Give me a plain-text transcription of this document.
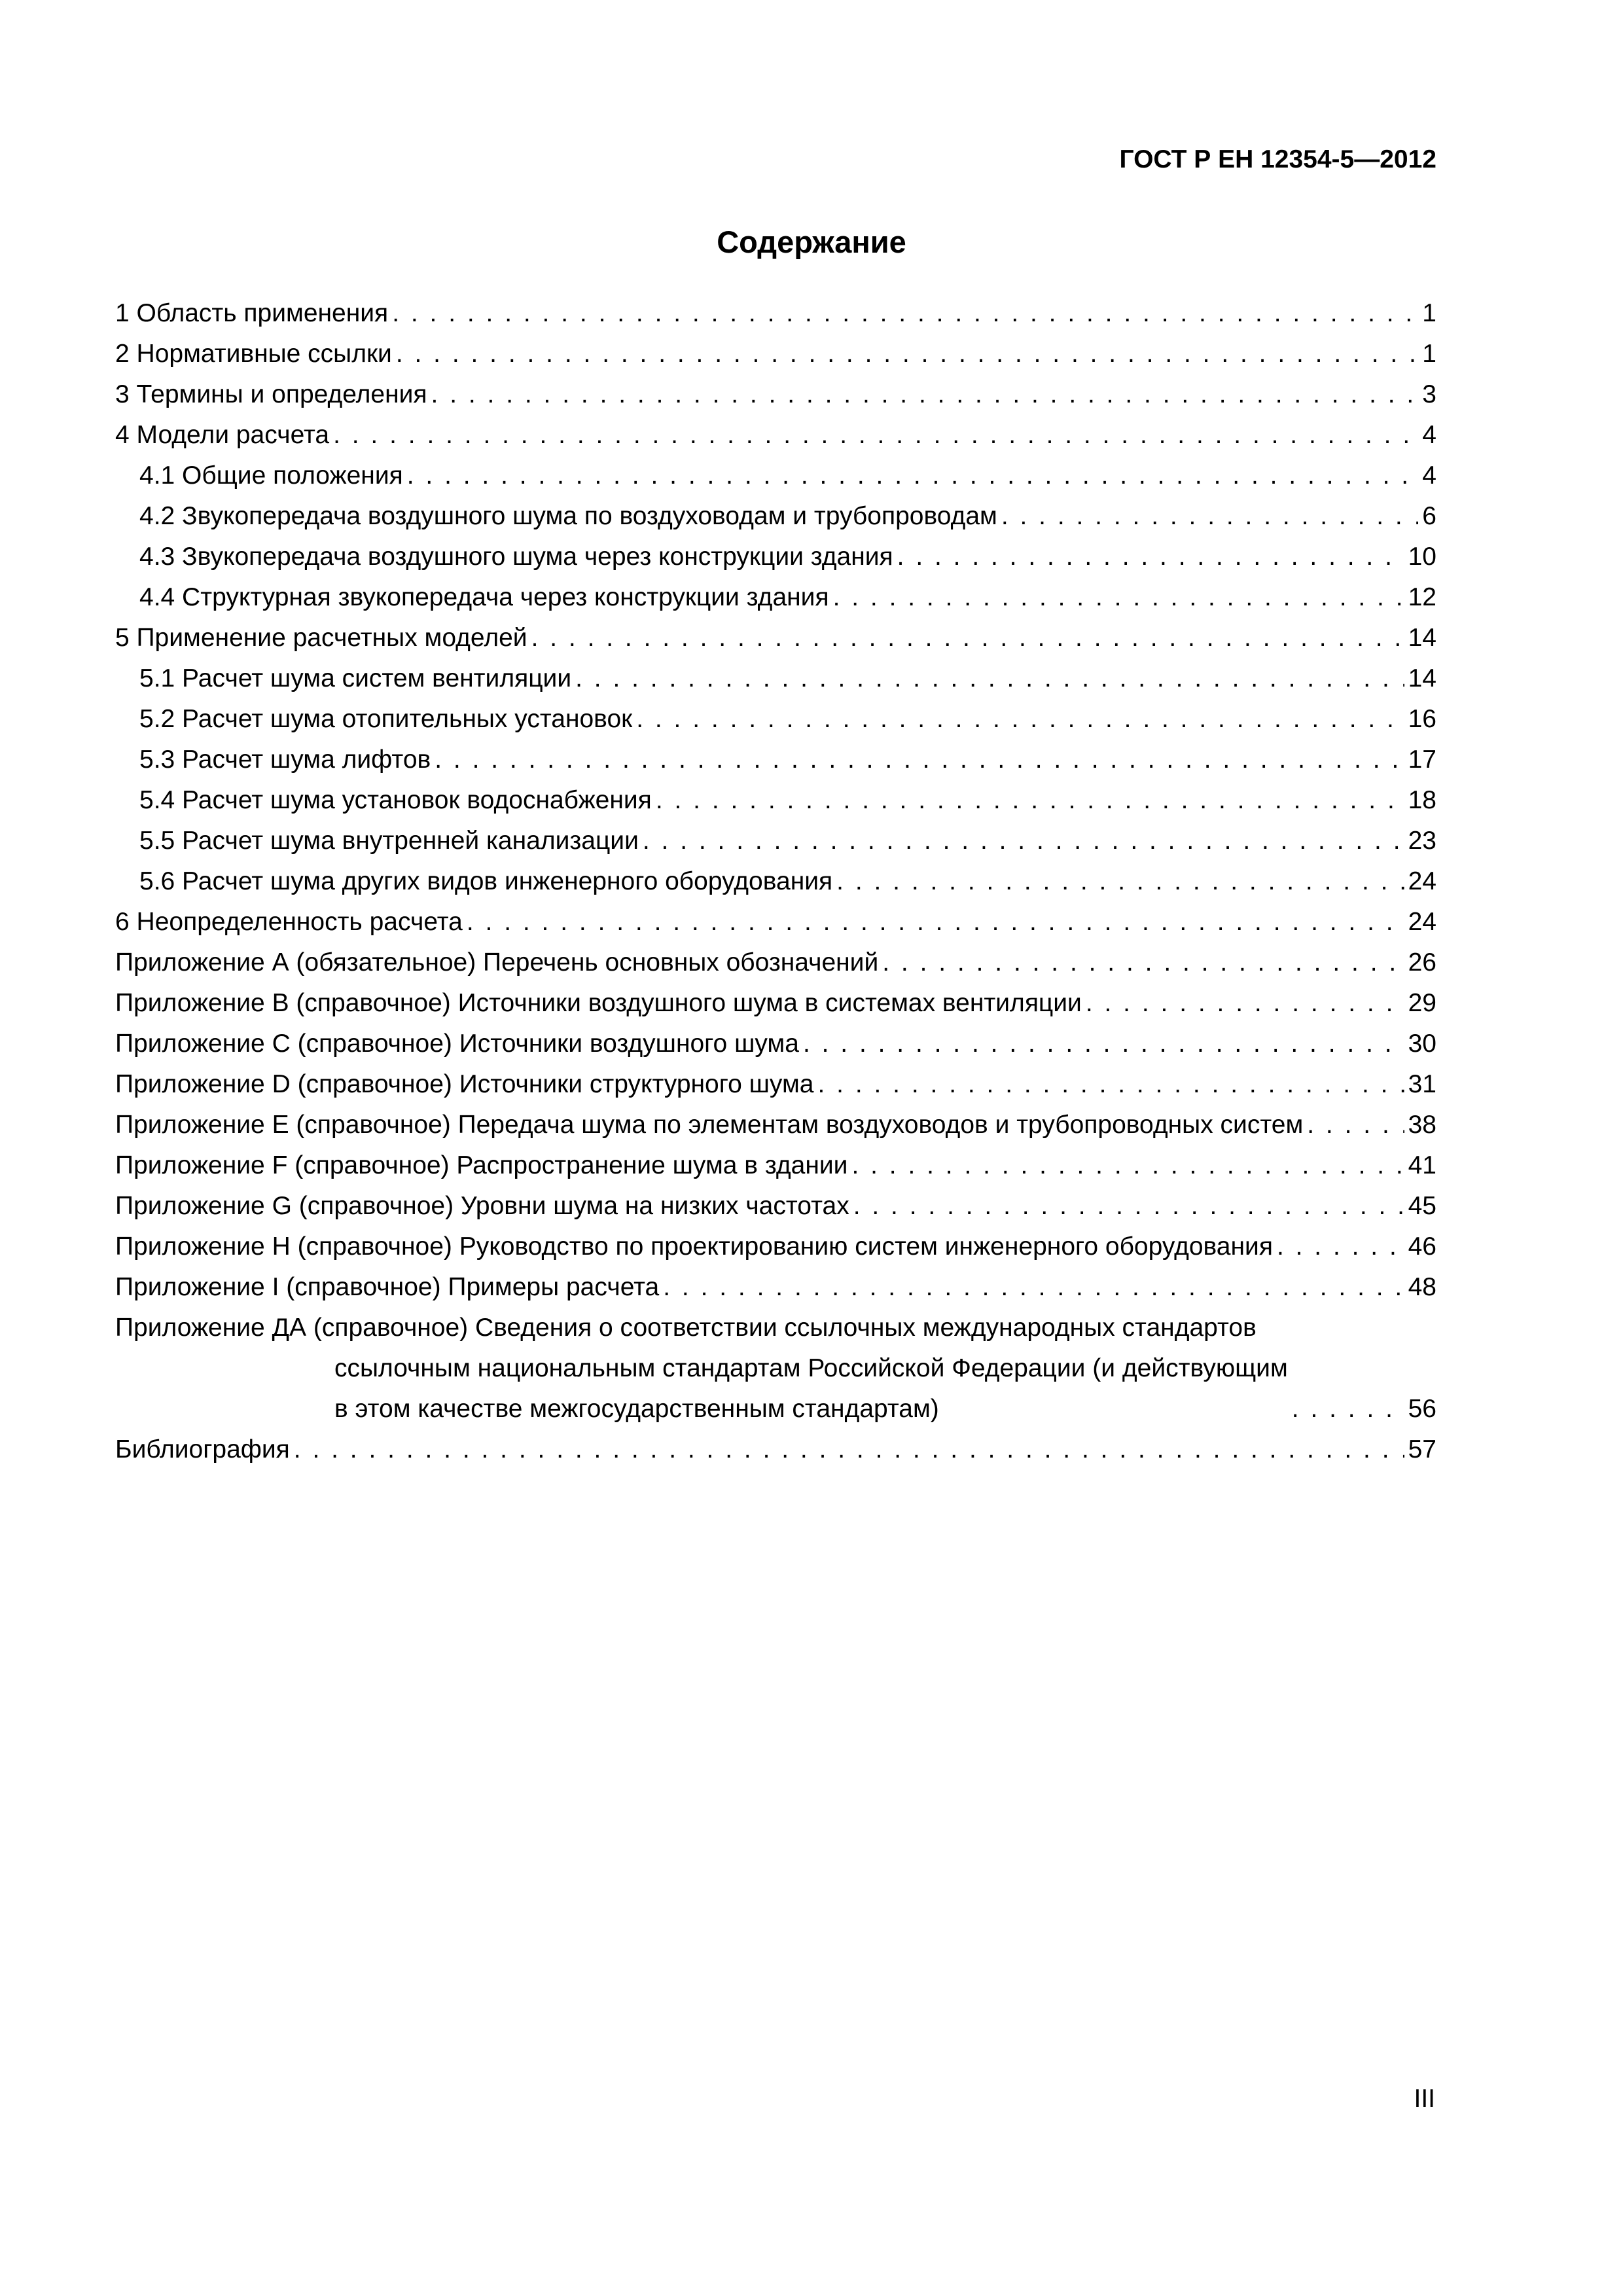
ГОСТ Р ЕН 12354-5—2012
Содержание
1 Область применения . . .	1
2 Нормативные ссылки . . .	1
3 Термины и определения . . .	3
4 Модели расчета . . .	4
4.1 Общие положения . . .	4
4.2 Звукопередача воздушного шума по воздуховодам и трубопроводам . . .	6
4.3 Звукопередача воздушного шума через конструкции здания . . .	10
4.4 Структурная звукопередача через конструкции здания . . .	12
5 Применение расчетных моделей . . .	14
5.1 Расчет шума систем вентиляции . . .	14
5.2 Расчет шума отопительных установок . . .	16
5.3 Расчет шума лифтов . . .	17
5.4 Расчет шума установок водоснабжения . . .	18
5.5 Расчет шума внутренней канализации . . .	23
5.6 Расчет шума других видов инженерного оборудования . . .	24
6 Неопределенность расчета . . .	24
Приложение А (обязательное) Перечень основных обозначений . . .	26
Приложение В (справочное) Источники воздушного шума в системах вентиляции . . .	29
Приложение С (справочное) Источники воздушного шума . . .	30
Приложение D (справочное) Источники структурного шума . . .	31
Приложение Е (справочное) Передача шума по элементам воздуховодов и трубопроводных систем . . .	38
Приложение F (справочное) Распространение шума в здании . . .	41
Приложение G (справочное) Уровни шума на низких частотах . . .	45
Приложение Н (справочное) Руководство по проектированию систем инженерного оборудования . . .	46
Приложение I (справочное) Примеры расчета . . .	48
Приложение ДА (справочное) Сведения о соответствии ссылочных международных стандартов
ссылочным национальным стандартам Российской Федерации (и действующим
в этом качестве межгосударственным стандартам) . . .	56
Библиография . . .	57
III
